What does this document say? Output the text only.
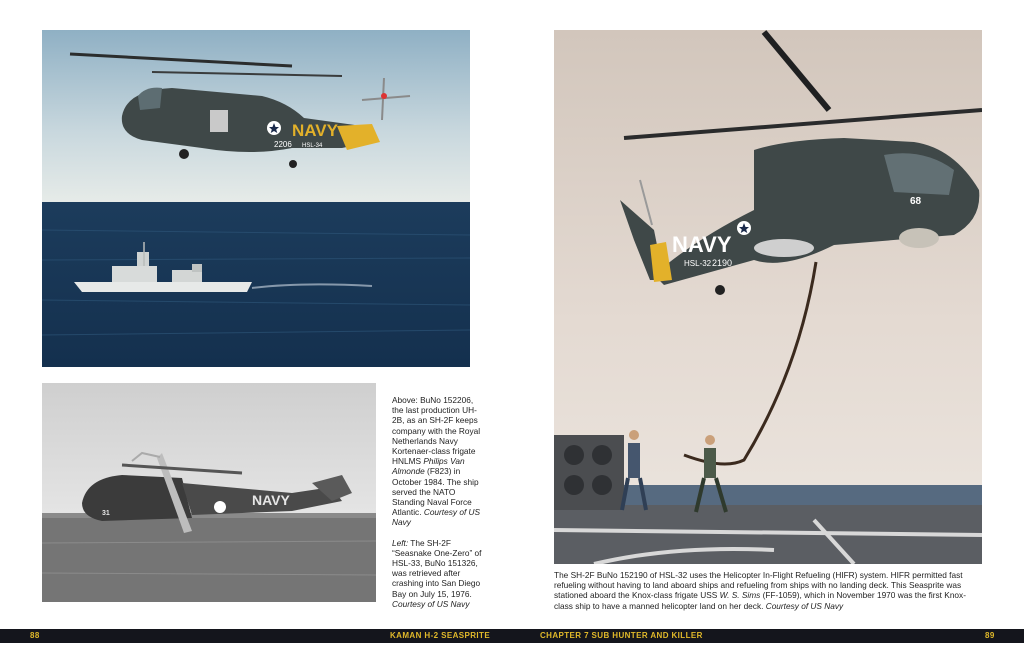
NAVY
2206 HSL-34
NAVY
31

Above: BuNo 152206, the last production UH-2B, as an SH-2F keeps company with the Royal Netherlands Navy Kortenaer-class frigate HNLMS Philips Van Almonde (F823) in October 1984. The ship served the NATO Standing Naval Force Atlantic. Courtesy of US Navy

Left: The SH-2F “Seasnake One-Zero” of HSL-33, BuNo 151326, was retrieved after crashing into San Diego Bay on July 15, 1976. Courtesy of US Navy

NAVY
HSL-32 2190
68

The SH-2F BuNo 152190 of HSL-32 uses the Helicopter In-Flight Refueling (HIFR) system. HIFR permitted fast refueling without having to land aboard ships and refueling from ships with no landing deck. This Seasprite was stationed aboard the Knox-class frigate USS W. S. Sims (FF-1059), which in November 1970 was the first Knox-class ship to have a manned helicopter land on her deck. Courtesy of US Navy

88	KAMAN H-2 SEASPRITE	CHAPTER 7 SUB HUNTER AND KILLER	89
